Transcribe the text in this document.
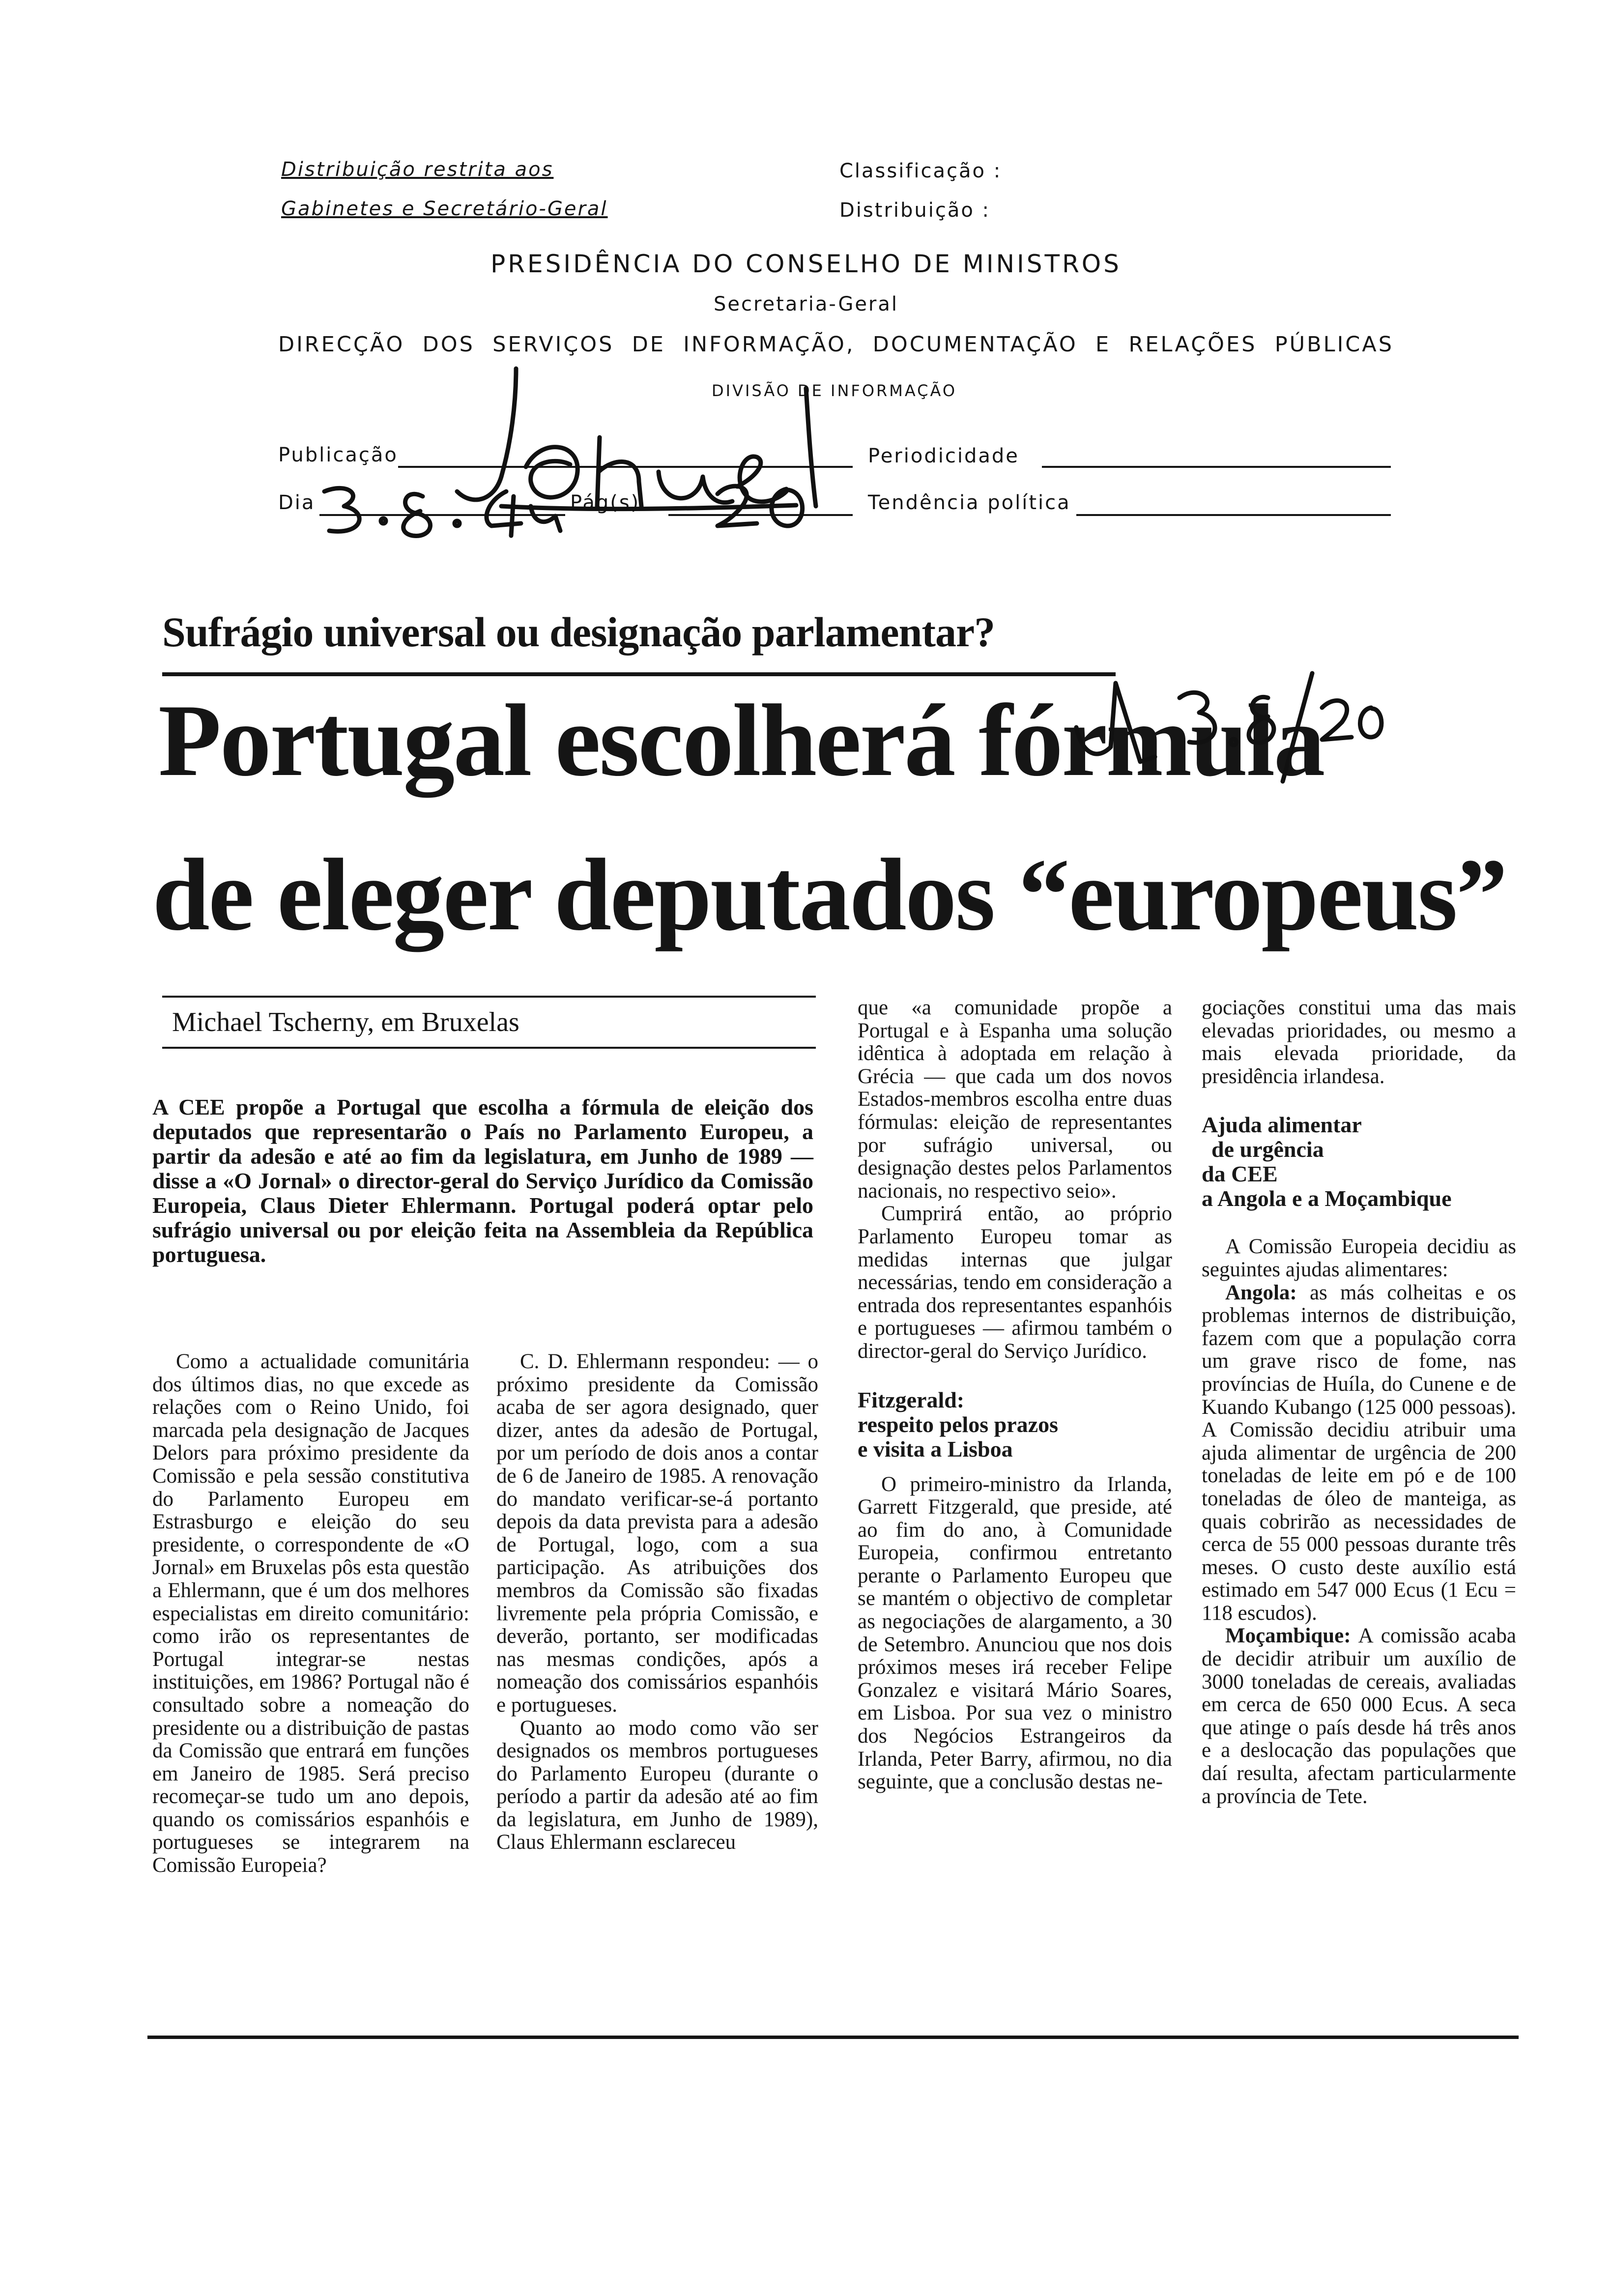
Distribuição restrita aos
Gabinetes e Secretário-Geral
Classificação :
Distribuição :
PRESIDÊNCIA DO CONSELHO DE MINISTROS
Secretaria-Geral
DIRECÇÃO DOS SERVIÇOS DE INFORMAÇÃO, DOCUMENTAÇÃO E RELAÇÕES PÚBLICAS
DIVISÃO DE INFORMAÇÃO
Publicação	Periodicidade
Dia	Pág(s).	Tendência política
Sufrágio universal ou designação parlamentar?
Portugal escolherá fórmula
de eleger deputados “europeus”
Michael Tscherny, em Bruxelas
A CEE propõe a Portugal que escolha a fórmula de eleição dos deputados que representarão o País no Parlamento Europeu, a partir da adesão e até ao fim da legislatura, em Junho de 1989 — disse a «O Jornal» o director-geral do Serviço Jurídico da Comissão Europeia, Claus Dieter Ehlermann. Portugal poderá optar pelo sufrágio universal ou por eleição feita na Assembleia da República portuguesa.

Como a actualidade comunitária dos últimos dias, no que excede as relações com o Reino Unido, foi marcada pela designação de Jacques Delors para próximo presidente da Comissão e pela sessão constitutiva do Parlamento Europeu em Estrasburgo e eleição do seu presidente, o correspondente de «O Jornal» em Bruxelas pôs esta questão a Ehlermann, que é um dos melhores especialistas em direito comunitário: como irão os representantes de Portugal integrar-se nestas instituições, em 1986? Portugal não é consultado sobre a nomeação do presidente ou a distribuição de pastas da Comissão que entrará em funções em Janeiro de 1985. Será preciso recomeçar-se tudo um ano depois, quando os comissários espanhóis e portugueses se integrarem na Comissão Europeia?

C. D. Ehlermann respondeu: — o próximo presidente da Comissão acaba de ser agora designado, quer dizer, antes da adesão de Portugal, por um período de dois anos a contar de 6 de Janeiro de 1985. A renovação do mandato verificar-se-á portanto depois da data prevista para a adesão de Portugal, logo, com a sua participação. As atribuições dos membros da Comissão são fixadas livremente pela própria Comissão, e deverão, portanto, ser modificadas nas mesmas condições, após a nomeação dos comissários espanhóis e portugueses.

Quanto ao modo como vão ser designados os membros portugueses do Parlamento Europeu (durante o período a partir da adesão até ao fim da legislatura, em Junho de 1989), Claus Ehlermann esclareceu

que «a comunidade propõe a Portugal e à Espanha uma solução idêntica à adoptada em relação à Grécia — que cada um dos novos Estados-membros escolha entre duas fórmulas: eleição de representantes por sufrágio universal, ou designação destes pelos Parlamentos nacionais, no respectivo seio».

Cumprirá então, ao próprio Parlamento Europeu tomar as medidas internas que julgar necessárias, tendo em consideração a entrada dos representantes espanhóis e portugueses — afirmou também o director-geral do Serviço Jurídico.

Fitzgerald:

respeito pelos prazos

e visita a Lisboa

O primeiro-ministro da Irlanda, Garrett Fitzgerald, que preside, até ao fim do ano, à Comunidade Europeia, confirmou entretanto perante o Parlamento Europeu que se mantém o objectivo de completar as negociações de alargamento, a 30 de Setembro. Anunciou que nos dois próximos meses irá receber Felipe Gonzalez e visitará Mário Soares, em Lisboa. Por sua vez o ministro dos Negócios Estrangeiros da Irlanda, Peter Barry, afirmou, no dia seguinte, que a conclusão destas ne-

gociações constitui uma das mais elevadas prioridades, ou mesmo a mais elevada prioridade, da presidência irlandesa.

Ajuda alimentar

de urgência

da CEE

a Angola e a Moçambique

A Comissão Europeia decidiu as seguintes ajudas alimentares:

Angola: as más colheitas e os problemas internos de distribuição, fazem com que a população corra um grave risco de fome, nas províncias de Huíla, do Cunene e de Kuando Kubango (125 000 pessoas). A Comissão decidiu atribuir uma ajuda alimentar de urgência de 200 toneladas de leite em pó e de 100 toneladas de óleo de manteiga, as quais cobrirão as necessidades de cerca de 55 000 pessoas durante três meses. O custo deste auxílio está estimado em 547 000 Ecus (1 Ecu = 118 escudos).

Moçambique: A comissão acaba de decidir atribuir um auxílio de 3000 toneladas de cereais, avaliadas em cerca de 650 000 Ecus. A seca que atinge o país desde há três anos e a deslocação das populações que daí resulta, afectam particularmente a província de Tete.
